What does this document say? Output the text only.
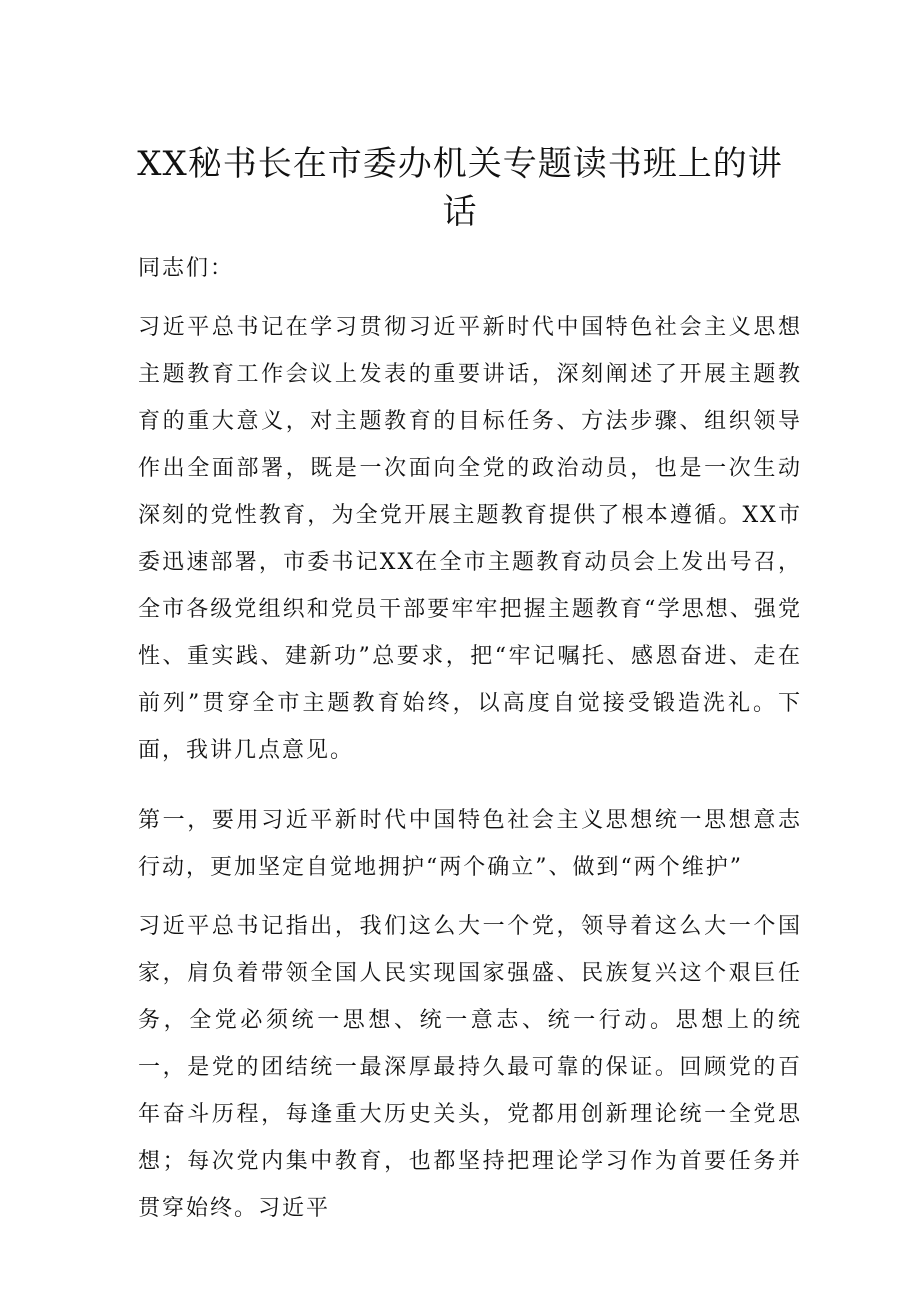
XX秘书长在市委办机关专题读书班上的讲话

同志们：

习近平总书记在学习贯彻习近平新时代中国特色社会主义思想主题教育工作会议上发表的重要讲话，深刻阐述了开展主题教育的重大意义，对主题教育的目标任务、方法步骤、组织领导作出全面部署，既是一次面向全党的政治动员，也是一次生动深刻的党性教育，为全党开展主题教育提供了根本遵循。XX市委迅速部署，市委书记XX在全市主题教育动员会上发出号召，全市各级党组织和党员干部要牢牢把握主题教育“学思想、强党性、重实践、建新功”总要求，把“牢记嘱托、感恩奋进、走在前列”贯穿全市主题教育始终，以高度自觉接受锻造洗礼。下面，我讲几点意见。

第一，要用习近平新时代中国特色社会主义思想统一思想意志行动，更加坚定自觉地拥护“两个确立”、做到“两个维护”

习近平总书记指出，我们这么大一个党，领导着这么大一个国家，肩负着带领全国人民实现国家强盛、民族复兴这个艰巨任务，全党必须统一思想、统一意志、统一行动。思想上的统一，是党的团结统一最深厚最持久最可靠的保证。回顾党的百年奋斗历程，每逢重大历史关头，党都用创新理论统一全党思想；每次党内集中教育，也都坚持把理论学习作为首要任务并贯穿始终。习近平
